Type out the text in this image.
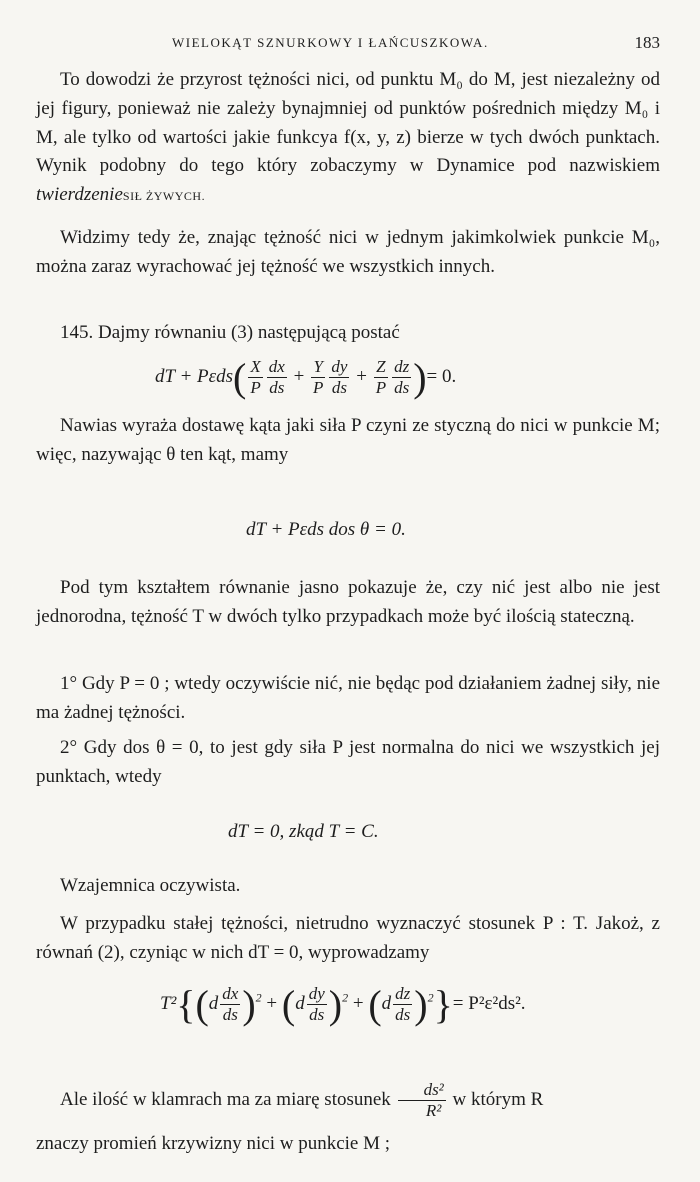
WIELOKĄT SZNURKOWY I ŁAŃCUSZKOWA.	183

To dowodzi że przyrost tężności nici, od punktu M₀ do M, jest niezależny od jej figury, ponieważ nie zależy bynajmniej od punktów pośrednich między M₀ i M, ale tylko od wartości jakie funkcya f(x, y, z) bierze w tych dwóch punktach. Wynik podobny do tego który zobaczymy w Dynamice pod nazwiskiem twierdzenieSIŁ ŻYWYCH.

Widzimy tedy że, znając tężność nici w jednym jakimkolwiek punkcie M₀, można zaraz wyrachować jej tężność we wszystkich innych.

145. Dajmy równaniu (3) następującą postać
dT + $P\varepsilon ds( \frac{X}{P} \frac{dx}{ds} + \frac{Y}{P} \frac{dy}{ds} + \frac{Z}{P} \frac{dz}{ds}$ )= 0.

Nawias wyraża dostawę kąta jaki siła P czyni ze styczną do nici w punkcie M; więc, nazywając θ ten kąt, mamy

dT + Pεds dos θ = 0.

Pod tym kształtem równanie jasno pokazuje że, czy nić jest albo nie jest jednorodna, tężność T w dwóch tylko przypadkach może być ilością stateczną.

1° Gdy P = 0 ; wtedy oczywiście nić, nie będąc pod działaniem żadnej siły, nie ma żadnej tężności.

2° Gdy dos θ = 0, to jest gdy siła P jest normalna do nici we wszystkich jej punktach, wtedy

dT = 0, zkąd T = C.
Wzajemnica oczywista.

W przypadku stałej tężności, nietrudno wyznaczyć stosunek P : T. Jakoż, z równań (2), czyniąc w nich dT = 0, wyprowadzamy

$T^2\{(d \frac{dx}{ds} )^2 + (d \frac{dy}{ds} )^2 + (d \frac{dz}{ds} )^2\}= P^2\varepsilon^2ds^2$.
Ale ilość w klamrach ma za miarę stosunek $\frac{\text{ds²}}{\text{R²}}$ w którym R
znaczy promień krzywizny nici w punkcie M ;
